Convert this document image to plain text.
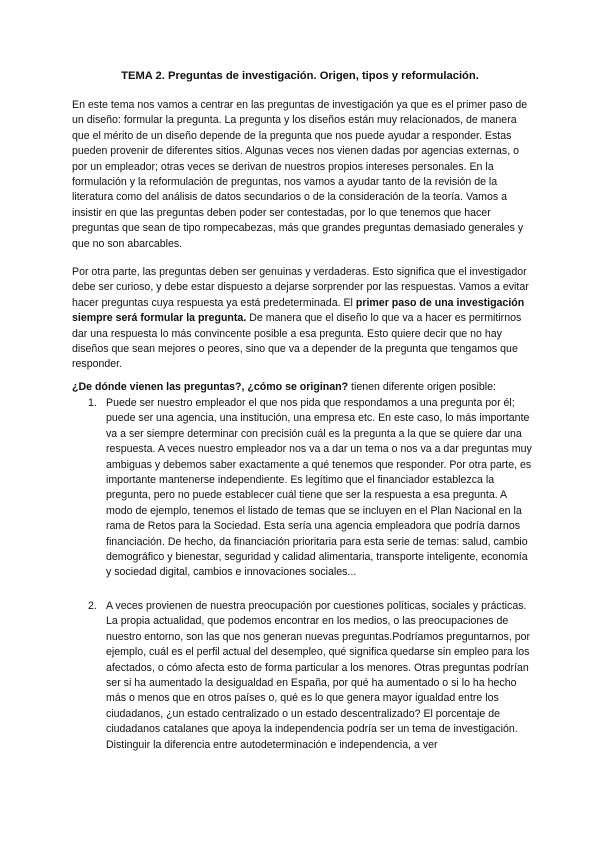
TEMA 2. Preguntas de investigación. Origen, tipos y reformulación.

En este tema nos vamos a centrar en las preguntas de investigación ya que es el primer paso de un diseño: formular la pregunta. La pregunta y los diseños están muy relacionados, de manera que el mérito de un diseño depende de la pregunta que nos puede ayudar a responder. Estas pueden provenir de diferentes sitios. Algunas veces nos vienen dadas por agencias externas, o por un empleador; otras veces se derivan de nuestros propios intereses personales. En la formulación y la reformulación de preguntas, nos vamos a ayudar tanto de la revisión de la literatura como del análisis de datos secundarios o de la consideración de la teoría. Vamos a insistir en que las preguntas deben poder ser contestadas, por lo que tenemos que hacer preguntas que sean de tipo rompecabezas, más que grandes preguntas demasiado generales y que no son abarcables.

Por otra parte, las preguntas deben ser genuinas y verdaderas. Esto significa que el investigador debe ser curioso, y debe estar dispuesto a dejarse sorprender por las respuestas. Vamos a evitar hacer preguntas cuya respuesta ya está predeterminada. El primer paso de una investigación siempre será formular la pregunta. De manera que el diseño lo que va a hacer es permitirnos dar una respuesta lo más convincente posible a esa pregunta. Esto quiere decir que no hay diseños que sean mejores o peores, sino que va a depender de la pregunta que tengamos que responder.

¿De dónde vienen las preguntas?, ¿cómo se originan? tienen diferente origen posible:

1. Puede ser nuestro empleador el que nos pida que respondamos a una pregunta por él; puede ser una agencia, una institución, una empresa etc. En este caso, lo más importante va a ser siempre determinar con precisión cuál es la pregunta a la que se quiere dar una respuesta. A veces nuestro empleador nos va a dar un tema o nos va a dar preguntas muy ambiguas y debemos saber exactamente a qué tenemos que responder. Por otra parte, es importante mantenerse independiente. Es legítimo que el financiador establezca la pregunta, pero no puede establecer cuál tiene que ser la respuesta a esa pregunta. A modo de ejemplo, tenemos el listado de temas que se incluyen en el Plan Nacional en la rama de Retos para la Sociedad. Esta sería una agencia empleadora que podría darnos financiación. De hecho, da financiación prioritaria para esta serie de temas: salud, cambio demográfico y bienestar, seguridad y calidad alimentaria, transporte inteligente, economía y sociedad digital, cambios e innovaciones sociales...
2. A veces provienen de nuestra preocupación por cuestiones políticas, sociales y prácticas. La propia actualidad, que podemos encontrar en los medios, o las preocupaciones de nuestro entorno, son las que nos generan nuevas preguntas.Podríamos preguntarnos, por ejemplo, cuál es el perfil actual del desempleo, qué significa quedarse sin empleo para los afectados, o cómo afecta esto de forma particular a los menores. Otras preguntas podrían ser si ha aumentado la desigualdad en España, por qué ha aumentado o si lo ha hecho más o menos que en otros países o, qué es lo que genera mayor igualdad entre los ciudadanos, ¿un estado centralizado o un estado descentralizado? El porcentaje de ciudadanos catalanes que apoya la independencia podría ser un tema de investigación. Distinguir la diferencia entre autodeterminación e independencia, a ver
